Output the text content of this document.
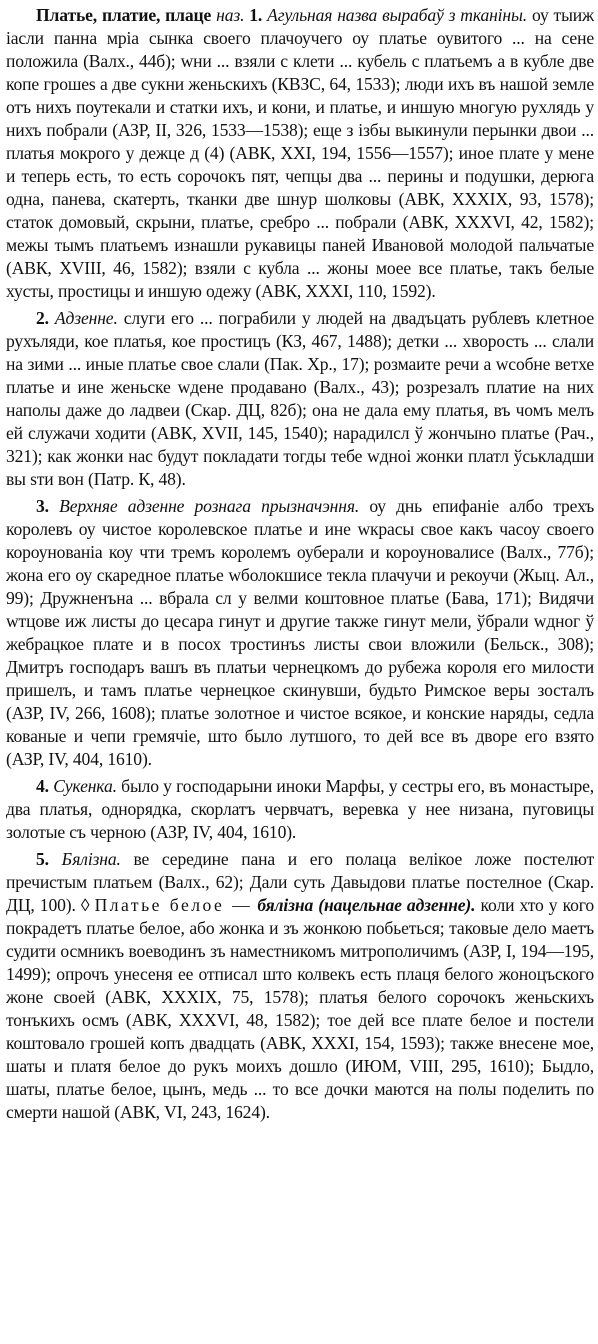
Платье, платие, плаце наз. 1. Агульная назва вырабаў з тканіны. оу тыиж іасли панна мріа сынка своего плачоучего оу платье оувитого ... на сене положила (Валх., 44б); wни ... взяли с клети ... кубель с платьемъ а в кубле две копе грошеs а две сукни женьскихъ (КВЗС, 64, 1533); люди ихъ въ нашой земле отъ нихъ поутекали и статки ихъ, и кони, и платье, и иншую многую рухлядь у нихъ побрали (АЗР, II, 326, 1533—1538); еще з ізбы выкинули перынки двои ... платья мокрого у дежце д (4) (АВК, XXI, 194, 1556—1557); иное плате у мене и теперь есть, то есть сорочокъ пят, чепцы два ... перины и подушки, дерюга одна, панева, скатерть, тканки две шнур шолковы (АВК, XXXIX, 93, 1578); статок домовый, скрыни, платье, сребро ... побрали (АВК, XXXVI, 42, 1582); межы тымъ платьемъ изнашли рукавицы паней Ивановой молодой пальчатые (АВК, XVIII, 46, 1582); взяли с кубла ... жоны моее все платье, такъ белые хусты, простицы и иншую одежу (АВК, XXXI, 110, 1592).

2. Адзенне. слуги его ... пограбили у людей на двадъцать рублевъ клетное рухъляди, кое платья, кое простицъ (КЗ, 467, 1488); детки ... хворость ... слали на зими ... иные платье свое слали (Пак. Хр., 17); розмаите речи а wсобне ветхе платье и ине женьске wдене продавано (Валх., 43); розрезалъ платие на них наполы даже до ладвеи (Скар. ДЦ, 82б); она не дала ему платья, въ чомъ мелъ ей служачи ходити (АВК, XVII, 145, 1540); нарадилсл ў жончыно платье (Рач., 321); как жонки нас будут покладати тогды тебе wдноi жонки платл ўськладши вы sти вон (Патр. К, 48).

3. Верхняе адзенне рознага прызначэння. оу днь епифаніе албо трехъ королевъ оу чистое королевское платье и ине wкрасы свое какъ часоу своего короунованіа коу чти тремъ королемъ оуберали и короуновалисе (Валх., 77б); жона его оу скаредное платье wболокшисе текла плачучи и рекоучи (Жыц. Ал., 99); Дружненъна ... вбрала сл у велми коштовное платье (Бава, 171); Видячи wтцове иж листы до цесара гинут и другие также гинут мели, ўбрали wдног ў жебрацкое плате и в посох тростинъs листы свои вложили (Бельск., 308); Дмитръ господаръ вашъ въ платьи чернецкомъ до рубежа короля его милости пришелъ, и тамъ платье чернецкое скинувши, будьто Римское веры зосталъ (АЗР, IV, 266, 1608); платье золотное и чистое всякое, и конские наряды, седла кованые и чепи гремячіе, што было лутшого, то дей все въ дворе его взято (АЗР, IV, 404, 1610).

4. Сукенка. было у господарыни иноки Марфы, у сестры его, въ монастыре, два платья, однорядка, скорлатъ червчатъ, веревка у нее низана, пуговицы золотые съ черною (АЗР, IV, 404, 1610).

5. Бялізна. ве середине пана и его полаца велікое ложе постелют пречистым платьем (Валх., 62); Дали суть Давыдови платье постелное (Скар. ДЦ, 100). ◊ Платье белое — бялізна (нацельнае адзенне). коли хто у кого покрадетъ платье белое, або жонка и зъ жонкою побьеться; таковые дело маетъ судити осмникъ воеводинъ зъ наместникомъ митрополичимъ (АЗР, I, 194—195, 1499); опрочъ унесеня ее отписал што колвекъ есть плаця белого жоноцъского жоне своей (АВК, XXXIX, 75, 1578); платья белого сорочокъ женьскихъ тонъкихъ осмъ (АВК, XXXVI, 48, 1582); тое дей все плате белое и постели коштовало грошей копъ двадцать (АВК, XXXI, 154, 1593); также внесене мое, шаты и платя белое до рукъ моихъ дошло (ИЮМ, VIII, 295, 1610); Быдло, шаты, платье белое, цынъ, медь ... то все дочки маются на полы поделить по смерти нашой (АВК, VI, 243, 1624).
